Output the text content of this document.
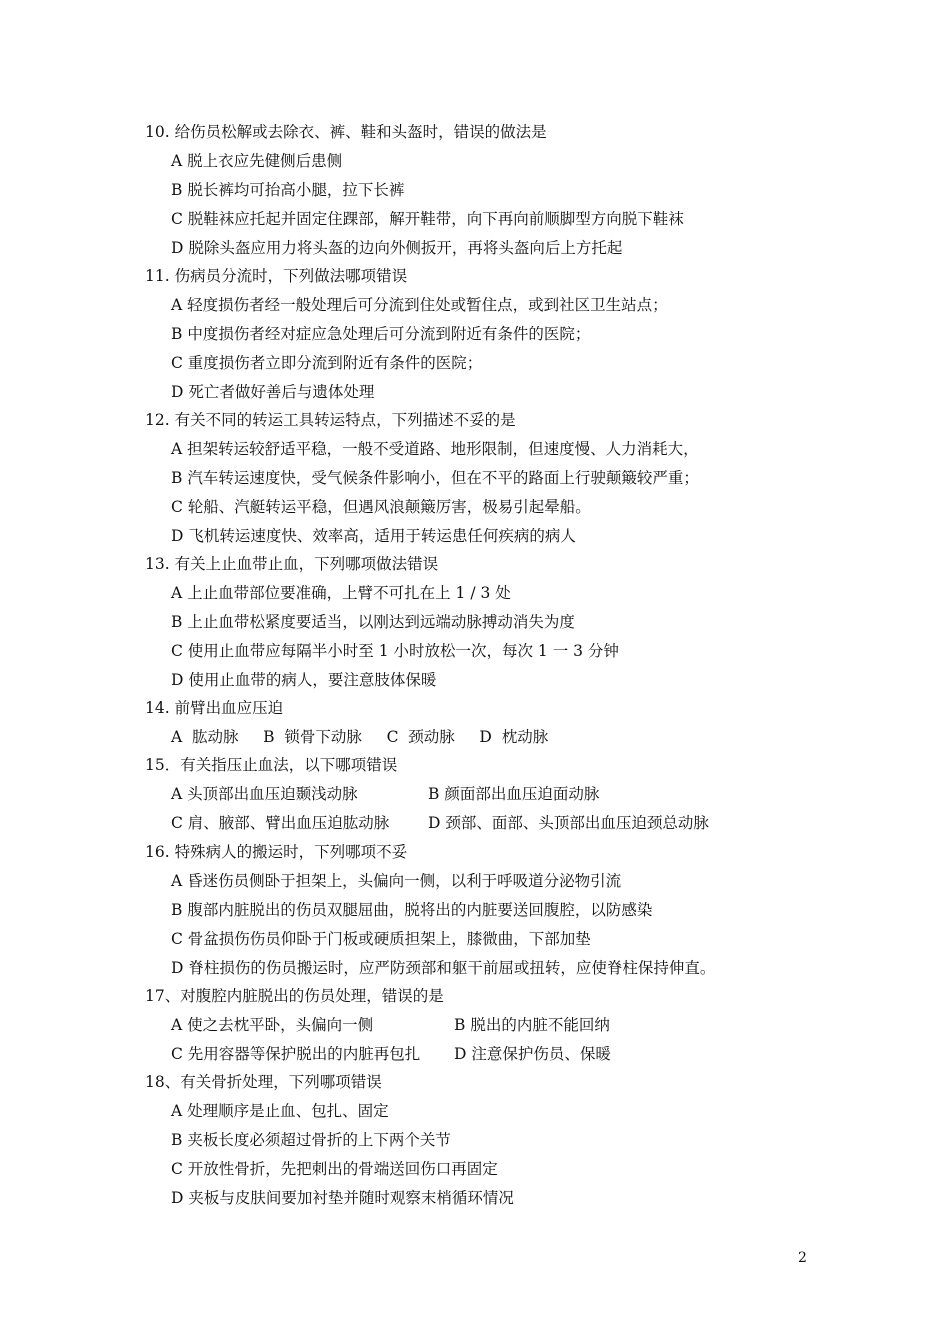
10. 给伤员松解或去除衣、裤、鞋和头盔时，错误的做法是
A 脱上衣应先健侧后患侧
B 脱长裤均可抬高小腿，拉下长裤
C 脱鞋袜应托起并固定住踝部，解开鞋带，向下再向前顺脚型方向脱下鞋袜
D 脱除头盔应用力将头盔的边向外侧扳开，再将头盔向后上方托起
11. 伤病员分流时，下列做法哪项错误
A 轻度损伤者经一般处理后可分流到住处或暂住点，或到社区卫生站点；
B 中度损伤者经对症应急处理后可分流到附近有条件的医院；
C 重度损伤者立即分流到附近有条件的医院；
D 死亡者做好善后与遗体处理
12. 有关不同的转运工具转运特点，下列描述不妥的是
A 担架转运较舒适平稳，一般不受道路、地形限制，但速度慢、人力消耗大，
B 汽车转运速度快，受气候条件影响小，但在不平的路面上行驶颠簸较严重；
C 轮船、汽艇转运平稳，但遇风浪颠簸厉害，极易引起晕船。
D 飞机转运速度快、效率高，适用于转运患任何疾病的病人
13. 有关上止血带止血，下列哪项做法错误
A 上止血带部位要准确，上臂不可扎在上 1 / 3 处
B 上止血带松紧度要适当，以刚达到远端动脉搏动消失为度
C 使用止血带应每隔半小时至 1 小时放松一次，每次 1 一 3 分钟
D 使用止血带的病人，要注意肢体保暖
14. 前臂出血应压迫
A  肱动脉     B  锁骨下动脉     C  颈动脉     D  枕动脉
15．有关指压止血法，以下哪项错误
A 头顶部出血压迫颞浅动脉	B 颜面部出血压迫面动脉
C 肩、腋部、臂出血压迫肱动脉 D 颈部、面部、头顶部出血压迫颈总动脉
16. 特殊病人的搬运时，下列哪项不妥
A 昏迷伤员侧卧于担架上，头偏向一侧，以利于呼吸道分泌物引流
B 腹部内脏脱出的伤员双腿屈曲，脱将出的内脏要送回腹腔，以防感染
C 骨盆损伤伤员仰卧于门板或硬质担架上，膝微曲，下部加垫
D 脊柱损伤的伤员搬运时，应严防颈部和躯干前屈或扭转，应使脊柱保持伸直。
17、对腹腔内脏脱出的伤员处理，错误的是
A 使之去枕平卧，头偏向一侧	B 脱出的内脏不能回纳
C 先用容器等保护脱出的内脏再包扎 D 注意保护伤员、保暖
18、有关骨折处理，下列哪项错误
A 处理顺序是止血、包扎、固定
B 夹板长度必须超过骨折的上下两个关节
C 开放性骨折，先把刺出的骨端送回伤口再固定
D 夹板与皮肤间要加衬垫并随时观察末梢循环情况
2
